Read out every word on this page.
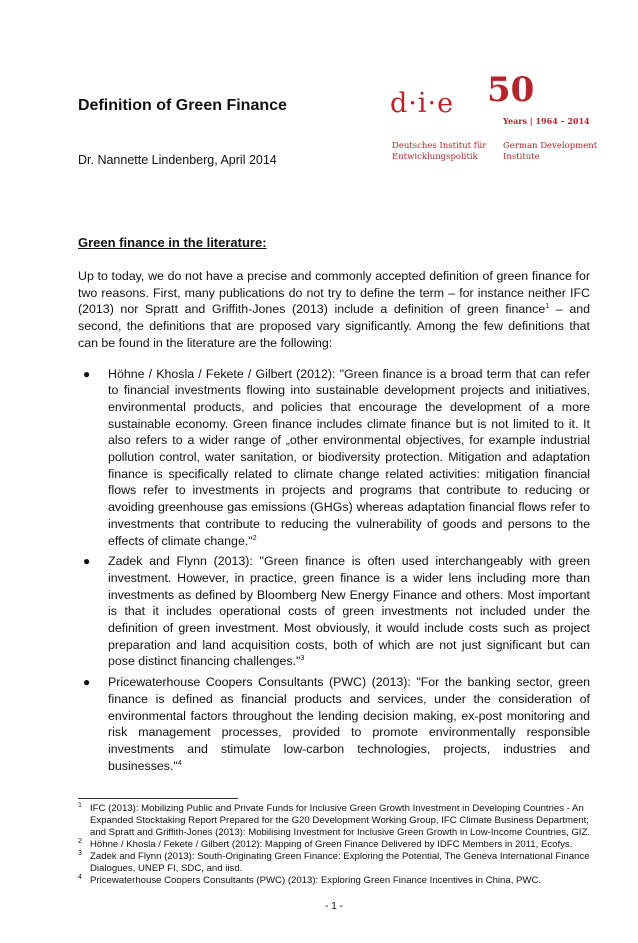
Definition of Green Finance
Dr. Nannette Lindenberg, April 2014
d·i·e 50
Years | 1964 – 2014
Deutsches Institut für Entwicklungspolitik
German Development Institute
Green finance in the literature:
Up to today, we do not have a precise and commonly accepted definition of green finance for two reasons. First, many publications do not try to define the term – for instance neither IFC (2013) nor Spratt and Griffith-Jones (2013) include a definition of green finance$^1$ – and second, the definitions that are proposed vary significantly. Among the few definitions that can be found in the literature are the following:
● Höhne / Khosla / Fekete / Gilbert (2012): "Green finance is a broad term that can refer to financial investments flowing into sustainable development projects and initiatives, environmental products, and policies that encourage the development of a more sustainable economy. Green finance includes climate finance but is not limited to it. It also refers to a wider range of „other environmental objectives, for example industrial pollution control, water sanitation, or biodiversity protection. Mitigation and adaptation finance is specifically related to climate change related activities: mitigation financial flows refer to investments in projects and programs that contribute to reducing or avoiding greenhouse gas emissions (GHGs) whereas adaptation financial flows refer to investments that contribute to reducing the vulnerability of goods and persons to the effects of climate change."$^2$
● Zadek and Flynn (2013): "Green finance is often used interchangeably with green investment. However, in practice, green finance is a wider lens including more than investments as defined by Bloomberg New Energy Finance and others. Most important is that it includes operational costs of green investments not included under the definition of green investment. Most obviously, it would include costs such as project preparation and land acquisition costs, both of which are not just significant but can pose distinct financing challenges."$^3$
● Pricewaterhouse Coopers Consultants (PWC) (2013): "For the banking sector, green finance is defined as financial products and services, under the consideration of environmental factors throughout the lending decision making, ex-post monitoring and risk management processes, provided to promote environmentally responsible investments and stimulate low-carbon technologies, projects, industries and businesses."$^4$
1 IFC (2013): Mobilizing Public and Private Funds for Inclusive Green Growth Investment in Developing Countries - An Expanded Stocktaking Report Prepared for the G20 Development Working Group, IFC Climate Business Department; and Spratt and Griffith-Jones (2013): Mobilising Investment for Inclusive Green Growth in Low-Income Countries, GIZ.
2 Höhne / Khosla / Fekete / Gilbert (2012): Mapping of Green Finance Delivered by IDFC Members in 2011, Ecofys.
3 Zadek and Flynn (2013): South-Originating Green Finance: Exploring the Potential, The Geneva International Finance Dialogues, UNEP FI, SDC, and iisd.
4 Pricewaterhouse Coopers Consultants (PWC) (2013): Exploring Green Finance Incentives in China, PWC.
- 1 -
